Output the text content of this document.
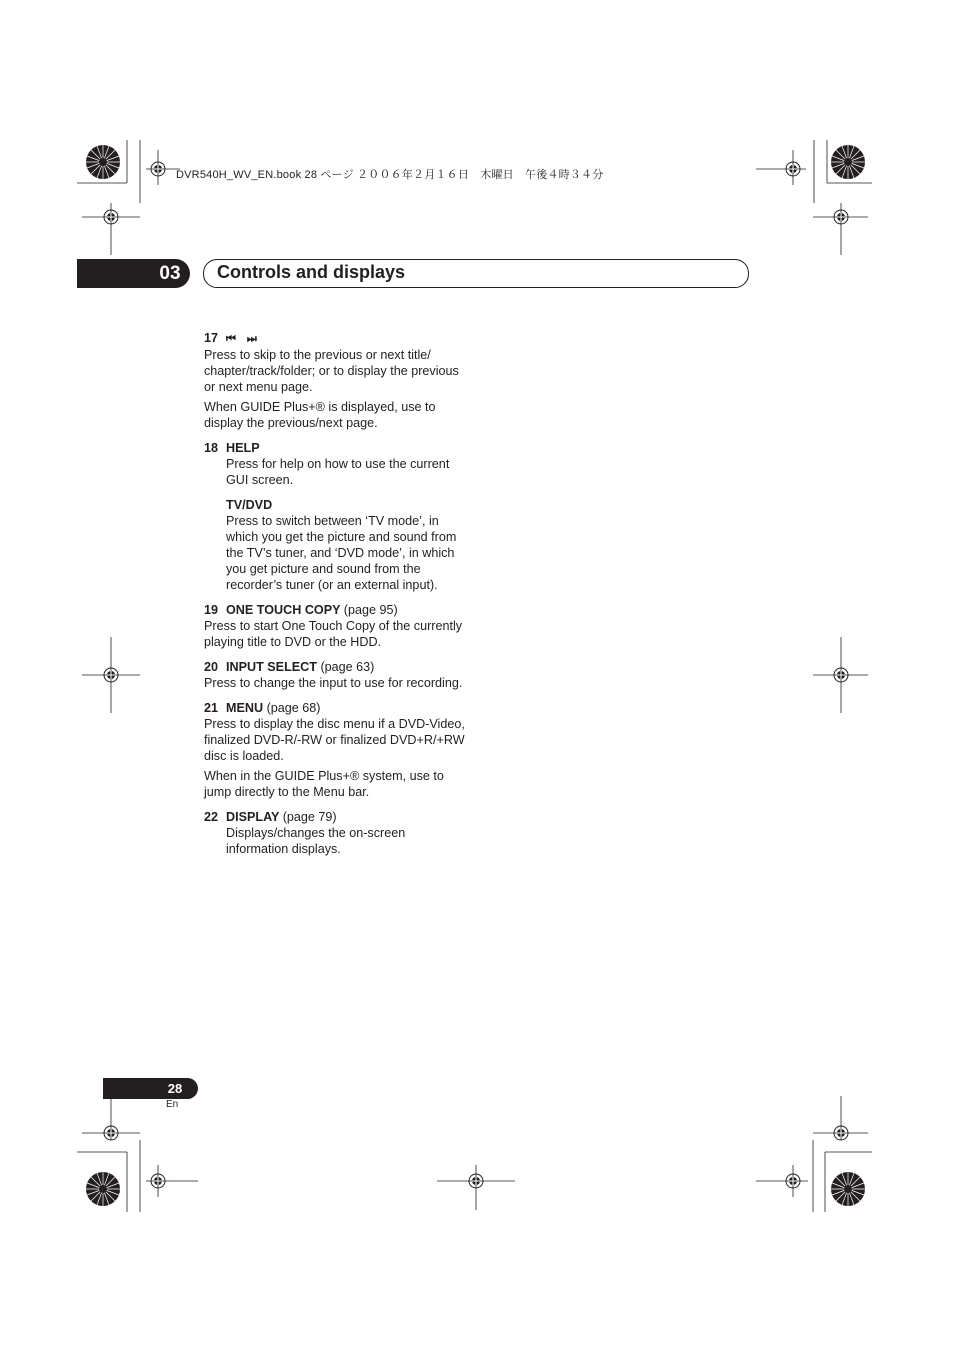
DVR540H_WV_EN.book 28 ページ ２００６年２月１６日　木曜日　午後４時３４分
03	Controls and displays
17 ⏮ ⏭

Press to skip to the previous or next title/ chapter/track/folder; or to display the previous or next menu page.

When GUIDE Plus+® is displayed, use to display the previous/next page.

18 HELP

Press for help on how to use the current GUI screen.

TV/DVD

Press to switch between ‘TV mode’, in which you get the picture and sound from the TV’s tuner, and ‘DVD mode’, in which you get picture and sound from the recorder’s tuner (or an external input).

19 ONE TOUCH COPY (page 95)

Press to start One Touch Copy of the currently playing title to DVD or the HDD.

20 INPUT SELECT (page 63)

Press to change the input to use for recording.

21 MENU (page 68)

Press to display the disc menu if a DVD-Video, finalized DVD-R/-RW or finalized DVD+R/+RW disc is loaded.

When in the GUIDE Plus+® system, use to jump directly to the Menu bar.

22 DISPLAY (page 79)

Displays/changes the on-screen information displays.

28
En
